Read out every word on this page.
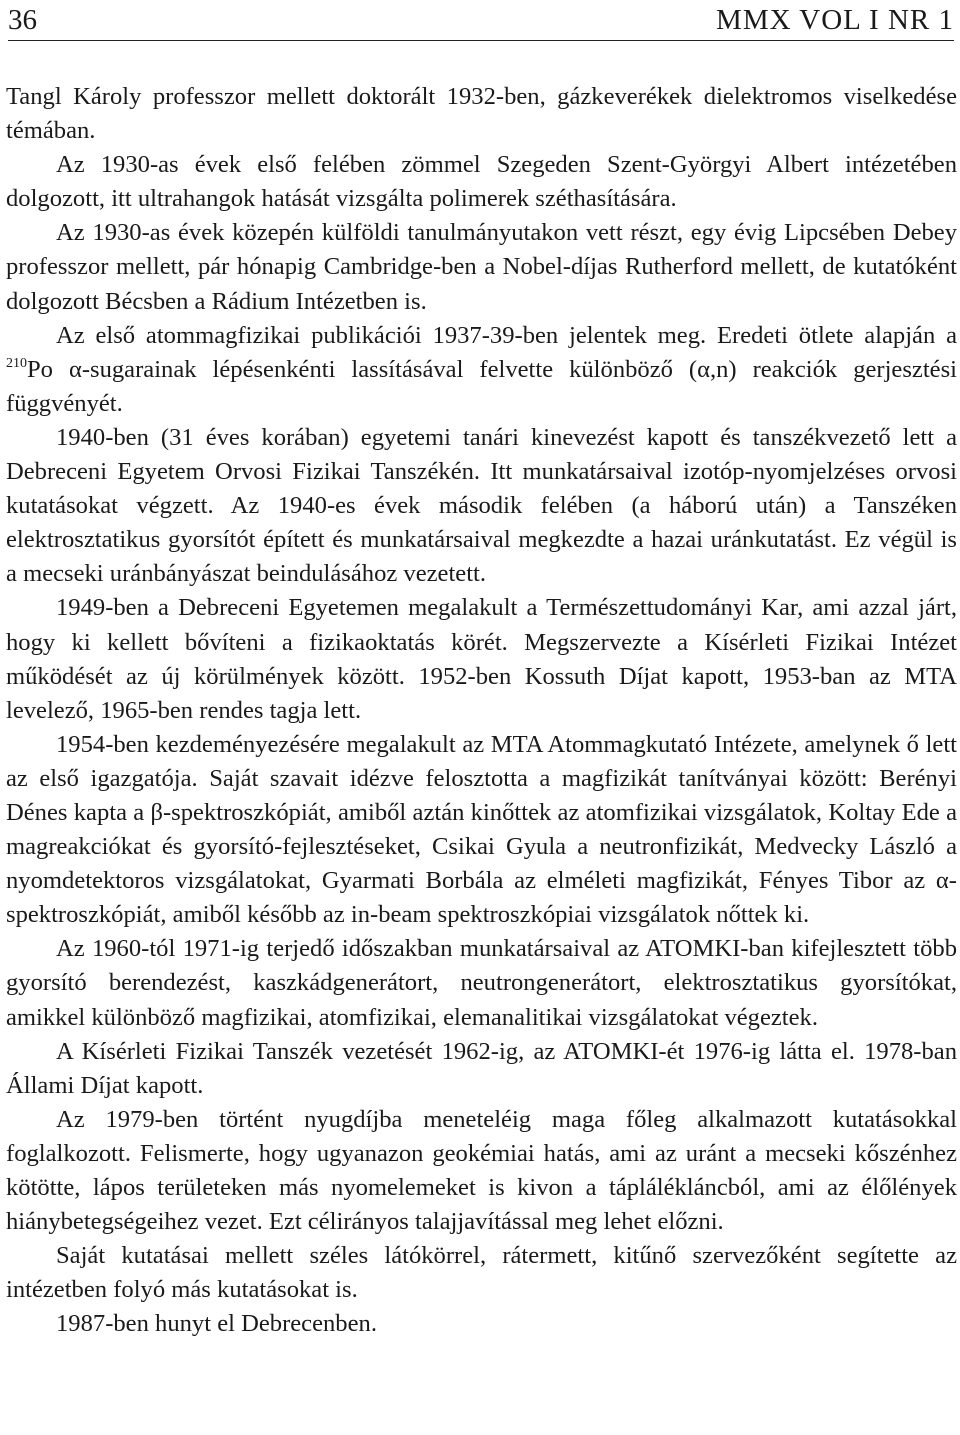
36	MMX VOL I NR 1

Tangl Károly professzor mellett doktorált 1932-ben, gázkeverékek dielektromos viselkedése témában.

Az 1930-as évek első felében zömmel Szegeden Szent-Györgyi Albert intézetében dolgozott, itt ultrahangok hatását vizsgálta polimerek széthasítására.

Az 1930-as évek közepén külföldi tanulmányutakon vett részt, egy évig Lipcsében Debey professzor mellett, pár hónapig Cambridge-ben a Nobel-díjas Rutherford mellett, de kutatóként dolgozott Bécsben a Rádium Intézetben is.

Az első atommagfizikai publikációi 1937-39-ben jelentek meg. Eredeti ötlete alapján a $^{210}$Po α-sugarainak lépésenkénti lassításával felvette különböző (α,n) reakciók gerjesztési függvényét.

1940-ben (31 éves korában) egyetemi tanári kinevezést kapott és tanszékvezető lett a Debreceni Egyetem Orvosi Fizikai Tanszékén. Itt munkatársaival izotóp-nyomjelzéses orvosi kutatásokat végzett. Az 1940-es évek második felében (a háború után) a Tanszéken elektrosztatikus gyorsítót épített és munkatársaival megkezdte a hazai uránkutatást. Ez végül is a mecseki uránbányászat beindulásához vezetett.

1949-ben a Debreceni Egyetemen megalakult a Természettudományi Kar, ami azzal járt, hogy ki kellett bővíteni a fizikaoktatás körét. Megszervezte a Kísérleti Fizikai Intézet működését az új körülmények között. 1952-ben Kossuth Díjat kapott, 1953-ban az MTA levelező, 1965-ben rendes tagja lett.

1954-ben kezdeményezésére megalakult az MTA Atommagkutató Intézete, amelynek ő lett az első igazgatója. Saját szavait idézve felosztotta a magfizikát tanítványai között: Berényi Dénes kapta a β-spektroszkópiát, amiből aztán kinőttek az atomfizikai vizsgálatok, Koltay Ede a magreakciókat és gyorsító-fejlesztéseket, Csikai Gyula a neutronfizikát, Medvecky László a nyomdetektoros vizsgálatokat, Gyarmati Borbála az elméleti magfizikát, Fényes Tibor az α-spektroszkópiát, amiből később az in-beam spektroszkópiai vizsgálatok nőttek ki.

Az 1960-tól 1971-ig terjedő időszakban munkatársaival az ATOMKI-ban kifejlesztett több gyorsító berendezést, kaszkádgenerátort, neutrongenerátort, elektrosztatikus gyorsítókat, amikkel különböző magfizikai, atomfizikai, elemanalitikai vizsgálatokat végeztek.

A Kísérleti Fizikai Tanszék vezetését 1962-ig, az ATOMKI-ét 1976-ig látta el. 1978-ban Állami Díjat kapott.

Az 1979-ben történt nyugdíjba meneteléig maga főleg alkalmazott kutatásokkal foglalkozott. Felismerte, hogy ugyanazon geokémiai hatás, ami az uránt a mecseki kőszénhez kötötte, lápos területeken más nyomelemeket is kivon a táplálékláncból, ami az élőlények hiánybetegségeihez vezet. Ezt célirányos talajjavítással meg lehet előzni.

Saját kutatásai mellett széles látókörrel, rátermett, kitűnő szervezőként segítette az intézetben folyó más kutatásokat is.

1987-ben hunyt el Debrecenben.
